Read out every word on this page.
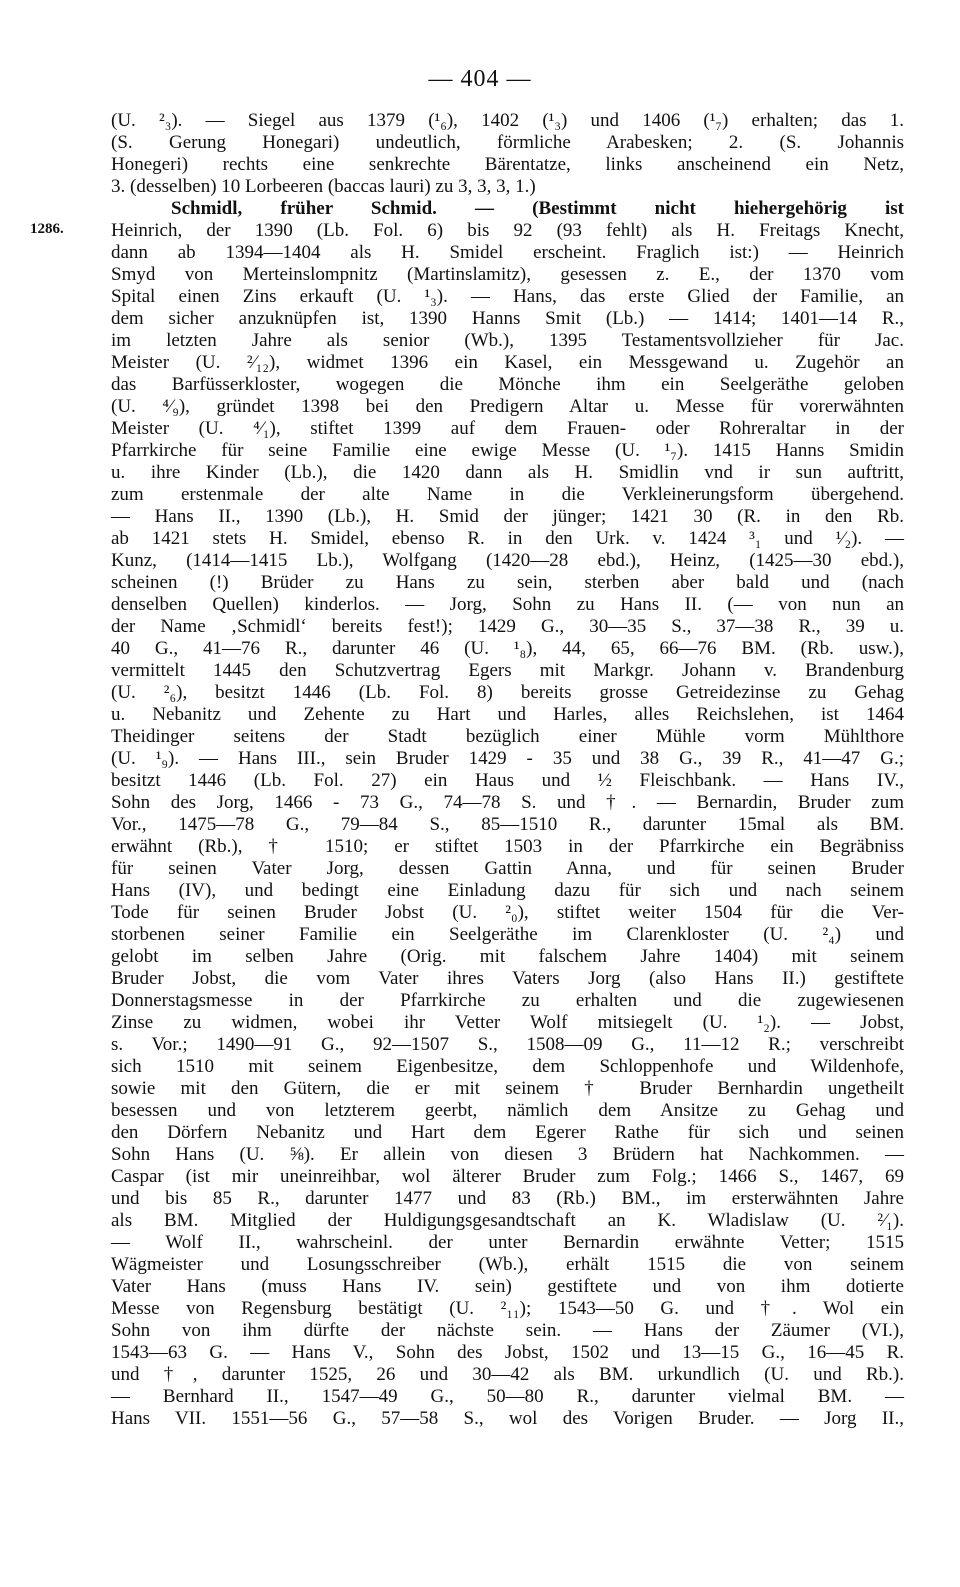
— 404 —
1286.
(U. ²₃). — Siegel aus 1379 (¹₆), 1402 (¹₃) und 1406 (¹₇) erhalten; das 1.
(S. Gerung Honegari) undeutlich, förmliche Arabesken; 2. (S. Johannis
Honegeri) rechts eine senkrechte Bärentatze, links anscheinend ein Netz,
3. (desselben) 10 Lorbeeren (baccas lauri) zu 3, 3, 3, 1.)
Schmidl, früher Schmid. — (Bestimmt nicht hiehergehörig ist
Heinrich, der 1390 (Lb. Fol. 6) bis 92 (93 fehlt) als H. Freitags Knecht,
dann ab 1394—1404 als H. Smidel erscheint. Fraglich ist:) — Heinrich
Smyd von Merteinslompnitz (Martinslamitz), gesessen z. E., der 1370 vom
Spital einen Zins erkauft (U. ¹₃). — Hans, das erste Glied der Familie, an
dem sicher anzuknüpfen ist, 1390 Hanns Smit (Lb.) — 1414; 1401—14 R.,
im letzten Jahre als senior (Wb.), 1395 Testamentsvollzieher für Jac.
Meister (U. ²⁄₁₂), widmet 1396 ein Kasel, ein Messgewand u. Zugehör an
das Barfüsserkloster, wogegen die Mönche ihm ein Seelgeräthe geloben
(U. ⁴⁄₉), gründet 1398 bei den Predigern Altar u. Messe für vorerwähnten
Meister (U. ⁴⁄₁), stiftet 1399 auf dem Frauen- oder Rohreraltar in der
Pfarrkirche für seine Familie eine ewige Messe (U. ¹₇). 1415 Hanns Smidin
u. ihre Kinder (Lb.), die 1420 dann als H. Smidlin vnd ir sun auftritt,
zum erstenmale der alte Name in die Verkleinerungsform übergehend.
— Hans II., 1390 (Lb.), H. Smid der jünger; 1421 30 (R. in den Rb.
ab 1421 stets H. Smidel, ebenso R. in den Urk. v. 1424 ³₁ und ¹⁄₂). —
Kunz, (1414—1415 Lb.), Wolfgang (1420—28 ebd.), Heinz, (1425—30 ebd.),
scheinen (!) Brüder zu Hans zu sein, sterben aber bald und (nach
denselben Quellen) kinderlos. — Jorg, Sohn zu Hans II. (— von nun an
der Name ‚Schmidl‘ bereits fest!); 1429 G., 30—35 S., 37—38 R., 39 u.
40 G., 41—76 R., darunter 46 (U. ¹₈), 44, 65, 66—76 BM. (Rb. usw.),
vermittelt 1445 den Schutzvertrag Egers mit Markgr. Johann v. Brandenburg
(U. ²₆), besitzt 1446 (Lb. Fol. 8) bereits grosse Getreidezinse zu Gehag
u. Nebanitz und Zehente zu Hart und Harles, alles Reichslehen, ist 1464
Theidinger seitens der Stadt bezüglich einer Mühle vorm Mühlthore
(U. ¹₉). — Hans III., sein Bruder 1429 - 35 und 38 G., 39 R., 41—47 G.;
besitzt 1446 (Lb. Fol. 27) ein Haus und ½ Fleischbank. — Hans IV.,
Sohn des Jorg, 1466 - 73 G., 74—78 S. und †. — Bernardin, Bruder zum
Vor., 1475—78 G., 79—84 S., 85—1510 R., darunter 15mal als BM.
erwähnt (Rb.), † 1510; er stiftet 1503 in der Pfarrkirche ein Begräbniss
für seinen Vater Jorg, dessen Gattin Anna, und für seinen Bruder
Hans (IV), und bedingt eine Einladung dazu für sich und nach seinem
Tode für seinen Bruder Jobst (U. ²₀), stiftet weiter 1504 für die Ver-
storbenen seiner Familie ein Seelgeräthe im Clarenkloster (U. ²₄) und
gelobt im selben Jahre (Orig. mit falschem Jahre 1404) mit seinem
Bruder Jobst, die vom Vater ihres Vaters Jorg (also Hans II.) gestiftete
Donnerstagsmesse in der Pfarrkirche zu erhalten und die zugewiesenen
Zinse zu widmen, wobei ihr Vetter Wolf mitsiegelt (U. ¹₂). — Jobst,
s. Vor.; 1490—91 G., 92—1507 S., 1508—09 G., 11—12 R.; verschreibt
sich 1510 mit seinem Eigenbesitze, dem Schloppenhofe und Wildenhofe,
sowie mit den Gütern, die er mit seinem † Bruder Bernhardin ungetheilt
besessen und von letzterem geerbt, nämlich dem Ansitze zu Gehag und
den Dörfern Nebanitz und Hart dem Egerer Rathe für sich und seinen
Sohn Hans (U. ⅝). Er allein von diesen 3 Brüdern hat Nachkommen. —
Caspar (ist mir uneinreihbar, wol älterer Bruder zum Folg.; 1466 S., 1467, 69
und bis 85 R., darunter 1477 und 83 (Rb.) BM., im ersterwähnten Jahre
als BM. Mitglied der Huldigungsgesandtschaft an K. Wladislaw (U. ²⁄₁).
— Wolf II., wahrscheinl. der unter Bernardin erwähnte Vetter; 1515
Wägmeister und Losungsschreiber (Wb.), erhält 1515 die von seinem
Vater Hans (muss Hans IV. sein) gestiftete und von ihm dotierte
Messe von Regensburg bestätigt (U. ²₁₁); 1543—50 G. und †. Wol ein
Sohn von ihm dürfte der nächste sein. — Hans der Zäumer (VI.),
1543—63 G. — Hans V., Sohn des Jobst, 1502 und 13—15 G., 16—45 R.
und †, darunter 1525, 26 und 30—42 als BM. urkundlich (U. und Rb.).
— Bernhard II., 1547—49 G., 50—80 R., darunter vielmal BM. —
Hans VII. 1551—56 G., 57—58 S., wol des Vorigen Bruder. — Jorg II.,
